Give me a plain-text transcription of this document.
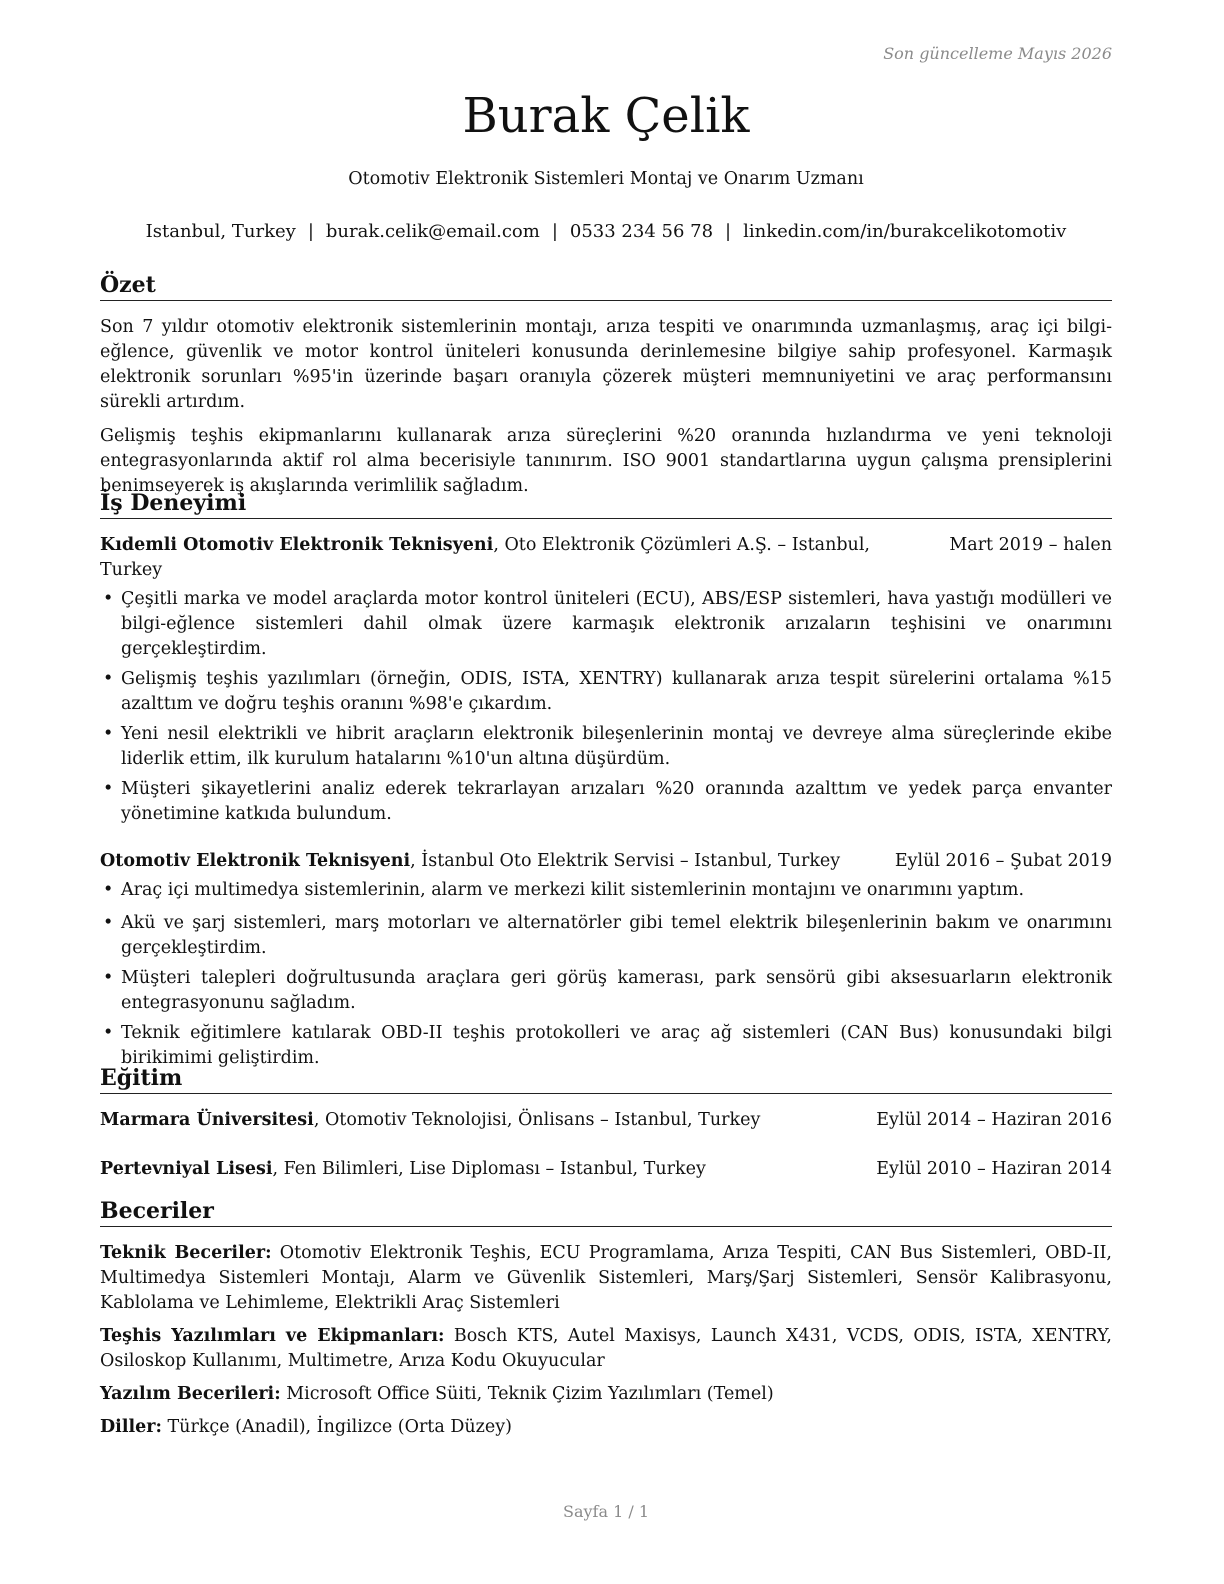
Son güncelleme Mayıs 2026
Burak Çelik
Otomotiv Elektronik Sistemleri Montaj ve Onarım Uzmanı
Istanbul, Turkey | burak.celik@email.com | 0533 234 56 78 | linkedin.com/in/burakcelikotomotiv
Özet

Son 7 yıldır otomotiv elektronik sistemlerinin montajı, arıza tespiti ve onarımında uzmanlaşmış, araç içi bilgi-eğlence, güvenlik ve motor kontrol üniteleri konusunda derinlemesine bilgiye sahip profesyonel. Karmaşık elektronik sorunları %95'in üzerinde başarı oranıyla çözerek müşteri memnuniyetini ve araç performansını sürekli artırdım.

Gelişmiş teşhis ekipmanlarını kullanarak arıza süreçlerini %20 oranında hızlandırma ve yeni teknoloji entegrasyonlarında aktif rol alma becerisiyle tanınırım. ISO 9001 standartlarına uygun çalışma prensiplerini benimseyerek iş akışlarında verimlilik sağladım.

İş Deneyimi
Kıdemli Otomotiv Elektronik Teknisyeni, Oto Elektronik Çözümleri A.Ş. – Istanbul, Turkey
Mart 2019 – halen
• Çeşitli marka ve model araçlarda motor kontrol üniteleri (ECU), ABS/ESP sistemleri, hava yastığı modülleri ve bilgi-eğlence sistemleri dahil olmak üzere karmaşık elektronik arızaların teşhisini ve onarımını gerçekleştirdim.
• Gelişmiş teşhis yazılımları (örneğin, ODIS, ISTA, XENTRY) kullanarak arıza tespit sürelerini ortalama %15 azalttım ve doğru teşhis oranını %98'e çıkardım.
• Yeni nesil elektrikli ve hibrit araçların elektronik bileşenlerinin montaj ve devreye alma süreçlerinde ekibe liderlik ettim, ilk kurulum hatalarını %10'un altına düşürdüm.
• Müşteri şikayetlerini analiz ederek tekrarlayan arızaları %20 oranında azalttım ve yedek parça envanter yönetimine katkıda bulundum.
Otomotiv Elektronik Teknisyeni, İstanbul Oto Elektrik Servisi – Istanbul, Turkey	Eylül 2016 – Şubat 2019
• Araç içi multimedya sistemlerinin, alarm ve merkezi kilit sistemlerinin montajını ve onarımını yaptım.
• Akü ve şarj sistemleri, marş motorları ve alternatörler gibi temel elektrik bileşenlerinin bakım ve onarımını gerçekleştirdim.
• Müşteri talepleri doğrultusunda araçlara geri görüş kamerası, park sensörü gibi aksesuarların elektronik entegrasyonunu sağladım.
• Teknik eğitimlere katılarak OBD-II teşhis protokolleri ve araç ağ sistemleri (CAN Bus) konusundaki bilgi birikimimi geliştirdim.
Eğitim
Marmara Üniversitesi, Otomotiv Teknolojisi, Önlisans – Istanbul, Turkey	Eylül 2014 – Haziran 2016
Pertevniyal Lisesi, Fen Bilimleri, Lise Diploması – Istanbul, Turkey	Eylül 2010 – Haziran 2014
Beceriler

Teknik Beceriler: Otomotiv Elektronik Teşhis, ECU Programlama, Arıza Tespiti, CAN Bus Sistemleri, OBD-II, Multimedya Sistemleri Montajı, Alarm ve Güvenlik Sistemleri, Marş/Şarj Sistemleri, Sensör Kalibrasyonu, Kablolama ve Lehimleme, Elektrikli Araç Sistemleri

Teşhis Yazılımları ve Ekipmanları: Bosch KTS, Autel Maxisys, Launch X431, VCDS, ODIS, ISTA, XENTRY, Osiloskop Kullanımı, Multimetre, Arıza Kodu Okuyucular

Yazılım Becerileri: Microsoft Office Süiti, Teknik Çizim Yazılımları (Temel)

Diller: Türkçe (Anadil), İngilizce (Orta Düzey)

Sayfa 1 / 1
